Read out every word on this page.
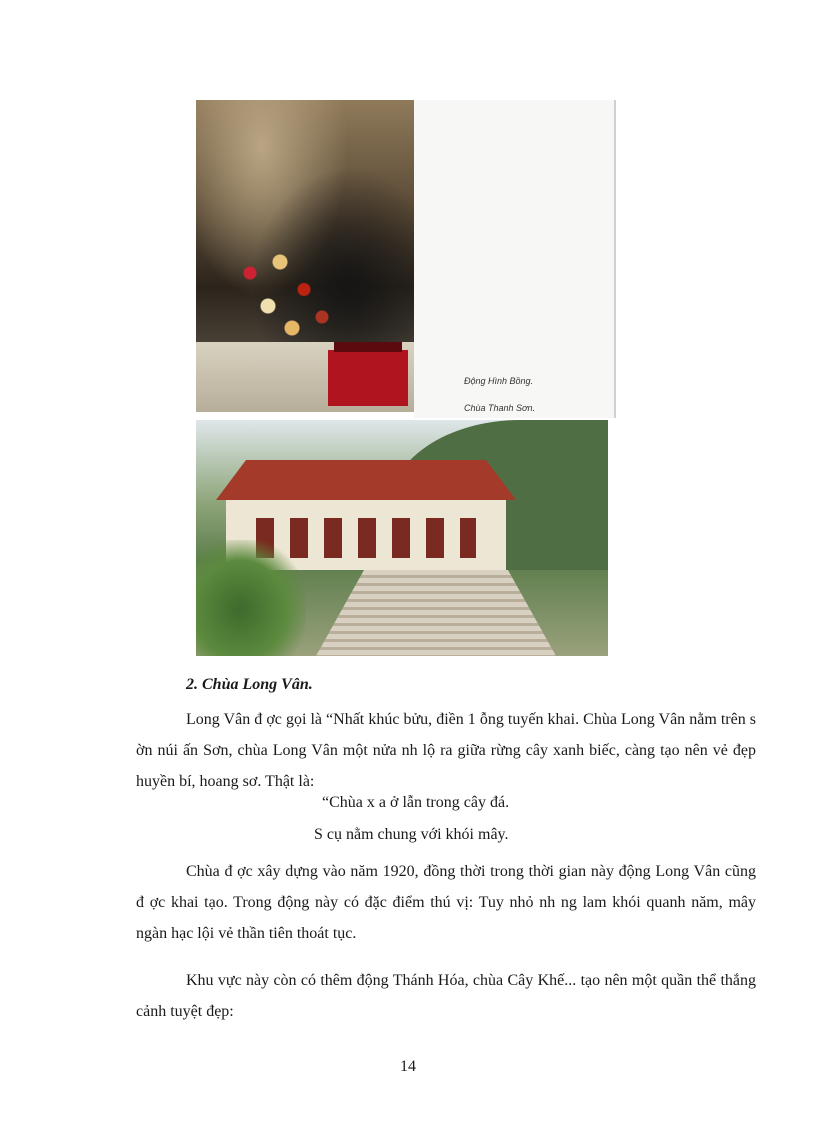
Động Hình Bồng.
Chùa Thanh Sơn.
2. Chùa Long Vân.

Long Vân đ ợc gọi là “Nhất khúc bửu, điền 1 ỗng tuyến khai. Chùa Long Vân nằm trên s ờn núi ấn Sơn, chùa Long Vân một nửa nh lộ ra giữa rừng cây xanh biếc, càng tạo nên vẻ đẹp huyền bí, hoang sơ. Thật là:

“Chùa x a ở lẫn trong cây đá.
S cụ nằm chung với khói mây.

Chùa đ ợc xây dựng vào năm 1920, đồng thời trong thời gian này động Long Vân cũng đ ợc khai tạo. Trong động này có đặc điểm thú vị: Tuy nhỏ nh ng lam khói quanh năm, mây ngàn hạc lội vẻ thần tiên thoát tục.

Khu vực này còn có thêm động Thánh Hóa, chùa Cây Khế... tạo nên một quần thể thắng cảnh tuyệt đẹp:

14
